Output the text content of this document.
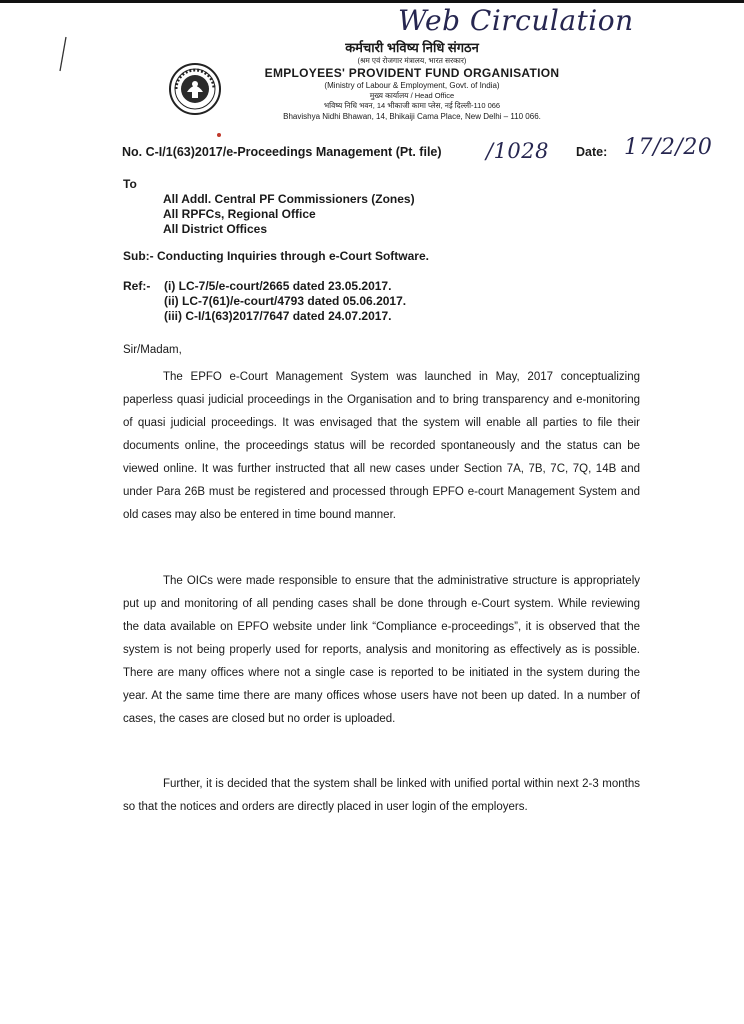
Web Circulation
कर्मचारी भविष्य निधि संगठन
(श्रम एवं रोजगार मंत्रालय, भारत सरकार)
EMPLOYEES' PROVIDENT FUND ORGANISATION
(Ministry of Labour & Employment, Govt. of India)
मुख्य कार्यालय / Head Office
भविष्य निधि भवन, 14 भीकाजी कामा प्लेस, नई दिल्ली-110 066
Bhavishya Nidhi Bhawan, 14, Bhikaiji Cama Place, New Delhi – 110 066.
No. C-I/1(63)2017/e-Proceedings Management (Pt. file) /1028 Date: 17/2/20
To
All Addl. Central PF Commissioners (Zones)
All RPFCs, Regional Office
All District Offices
Sub:- Conducting Inquiries through e-Court Software.
Ref:- (i) LC-7/5/e-court/2665 dated 23.05.2017.
(ii) LC-7(61)/e-court/4793 dated 05.06.2017.
(iii) C-I/1(63)2017/7647 dated 24.07.2017.
Sir/Madam,

The EPFO e-Court Management System was launched in May, 2017 conceptualizing paperless quasi judicial proceedings in the Organisation and to bring transparency and e-monitoring of quasi judicial proceedings. It was envisaged that the system will enable all parties to file their documents online, the proceedings status will be recorded spontaneously and the status can be viewed online. It was further instructed that all new cases under Section 7A, 7B, 7C, 7Q, 14B and under Para 26B must be registered and processed through EPFO e-court Management System and old cases may also be entered in time bound manner.

The OICs were made responsible to ensure that the administrative structure is appropriately put up and monitoring of all pending cases shall be done through e-Court system. While reviewing the data available on EPFO website under link “Compliance e-proceedings”, it is observed that the system is not being properly used for reports, analysis and monitoring as effectively as is possible. There are many offices where not a single case is reported to be initiated in the system during the year. At the same time there are many offices whose users have not been up dated. In a number of cases, the cases are closed but no order is uploaded.

Further, it is decided that the system shall be linked with unified portal within next 2-3 months so that the notices and orders are directly placed in user login of the employers.
